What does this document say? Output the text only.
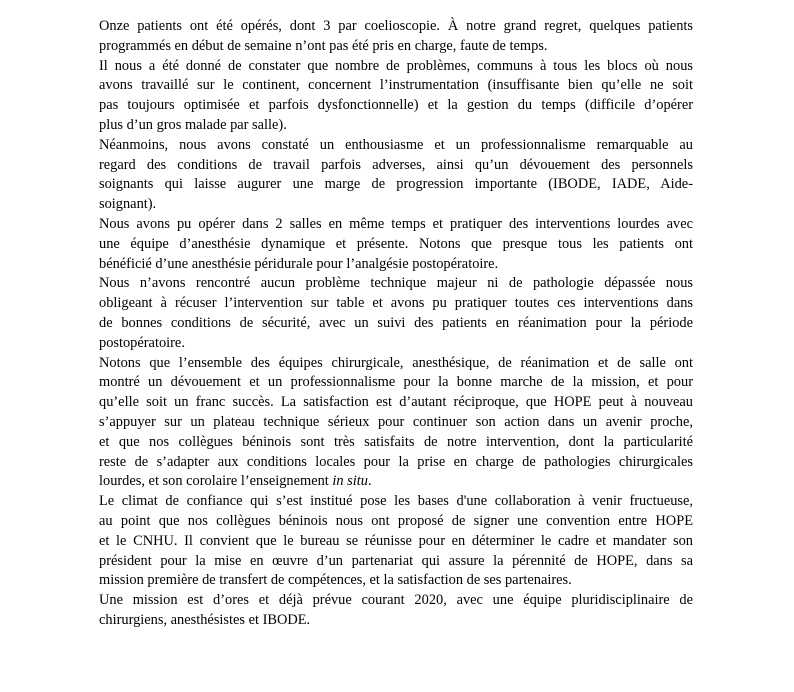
Onze patients ont été opérés, dont 3 par coelioscopie. À notre grand regret, quelques patients
programmés en début de semaine n’ont pas été pris en charge, faute de temps.

Il nous a été donné de constater que nombre de problèmes, communs à tous les blocs où nous
avons travaillé sur le continent, concernent l’instrumentation (insuffisante bien qu’elle ne soit
pas toujours optimisée et parfois dysfonctionnelle) et la gestion du temps (difficile d’opérer
plus d’un gros malade par salle).

Néanmoins, nous avons constaté un enthousiasme et un professionnalisme remarquable au
regard des conditions de travail parfois adverses, ainsi qu’un dévouement des personnels
soignants qui laisse augurer une marge de progression importante (IBODE, IADE, Aide-
soignant).

Nous avons pu opérer dans 2 salles en même temps et pratiquer des interventions lourdes avec
une équipe d’anesthésie dynamique et présente. Notons que presque tous les patients ont
bénéficié d’une anesthésie péridurale pour l’analgésie postopératoire.

Nous n’avons rencontré aucun problème technique majeur ni de pathologie dépassée nous
obligeant à récuser l’intervention sur table et avons pu pratiquer toutes ces interventions dans
de bonnes conditions de sécurité, avec un suivi des patients en réanimation pour la période
postopératoire.

Notons que l’ensemble des équipes chirurgicale, anesthésique, de réanimation et de salle ont
montré un dévouement et un professionnalisme pour la bonne marche de la mission, et pour
qu’elle soit un franc succès. La satisfaction est d’autant réciproque, que HOPE peut à nouveau
s’appuyer sur un plateau technique sérieux pour continuer son action dans un avenir proche,
et que nos collègues béninois sont très satisfaits de notre intervention, dont la particularité
reste de s’adapter aux conditions locales pour la prise en charge de pathologies chirurgicales
lourdes, et son corolaire l’enseignement in situ.

Le climat de confiance qui s’est institué pose les bases d'une collaboration à venir fructueuse,
au point que nos collègues béninois nous ont proposé de signer une convention entre HOPE
et le CNHU. Il convient que le bureau se réunisse pour en déterminer le cadre et mandater son
président pour la mise en œuvre d’un partenariat qui assure la pérennité de HOPE, dans sa
mission première de transfert de compétences, et la satisfaction de ses partenaires.

Une mission est d’ores et déjà prévue courant 2020, avec une équipe pluridisciplinaire de
chirurgiens, anesthésistes et IBODE.
